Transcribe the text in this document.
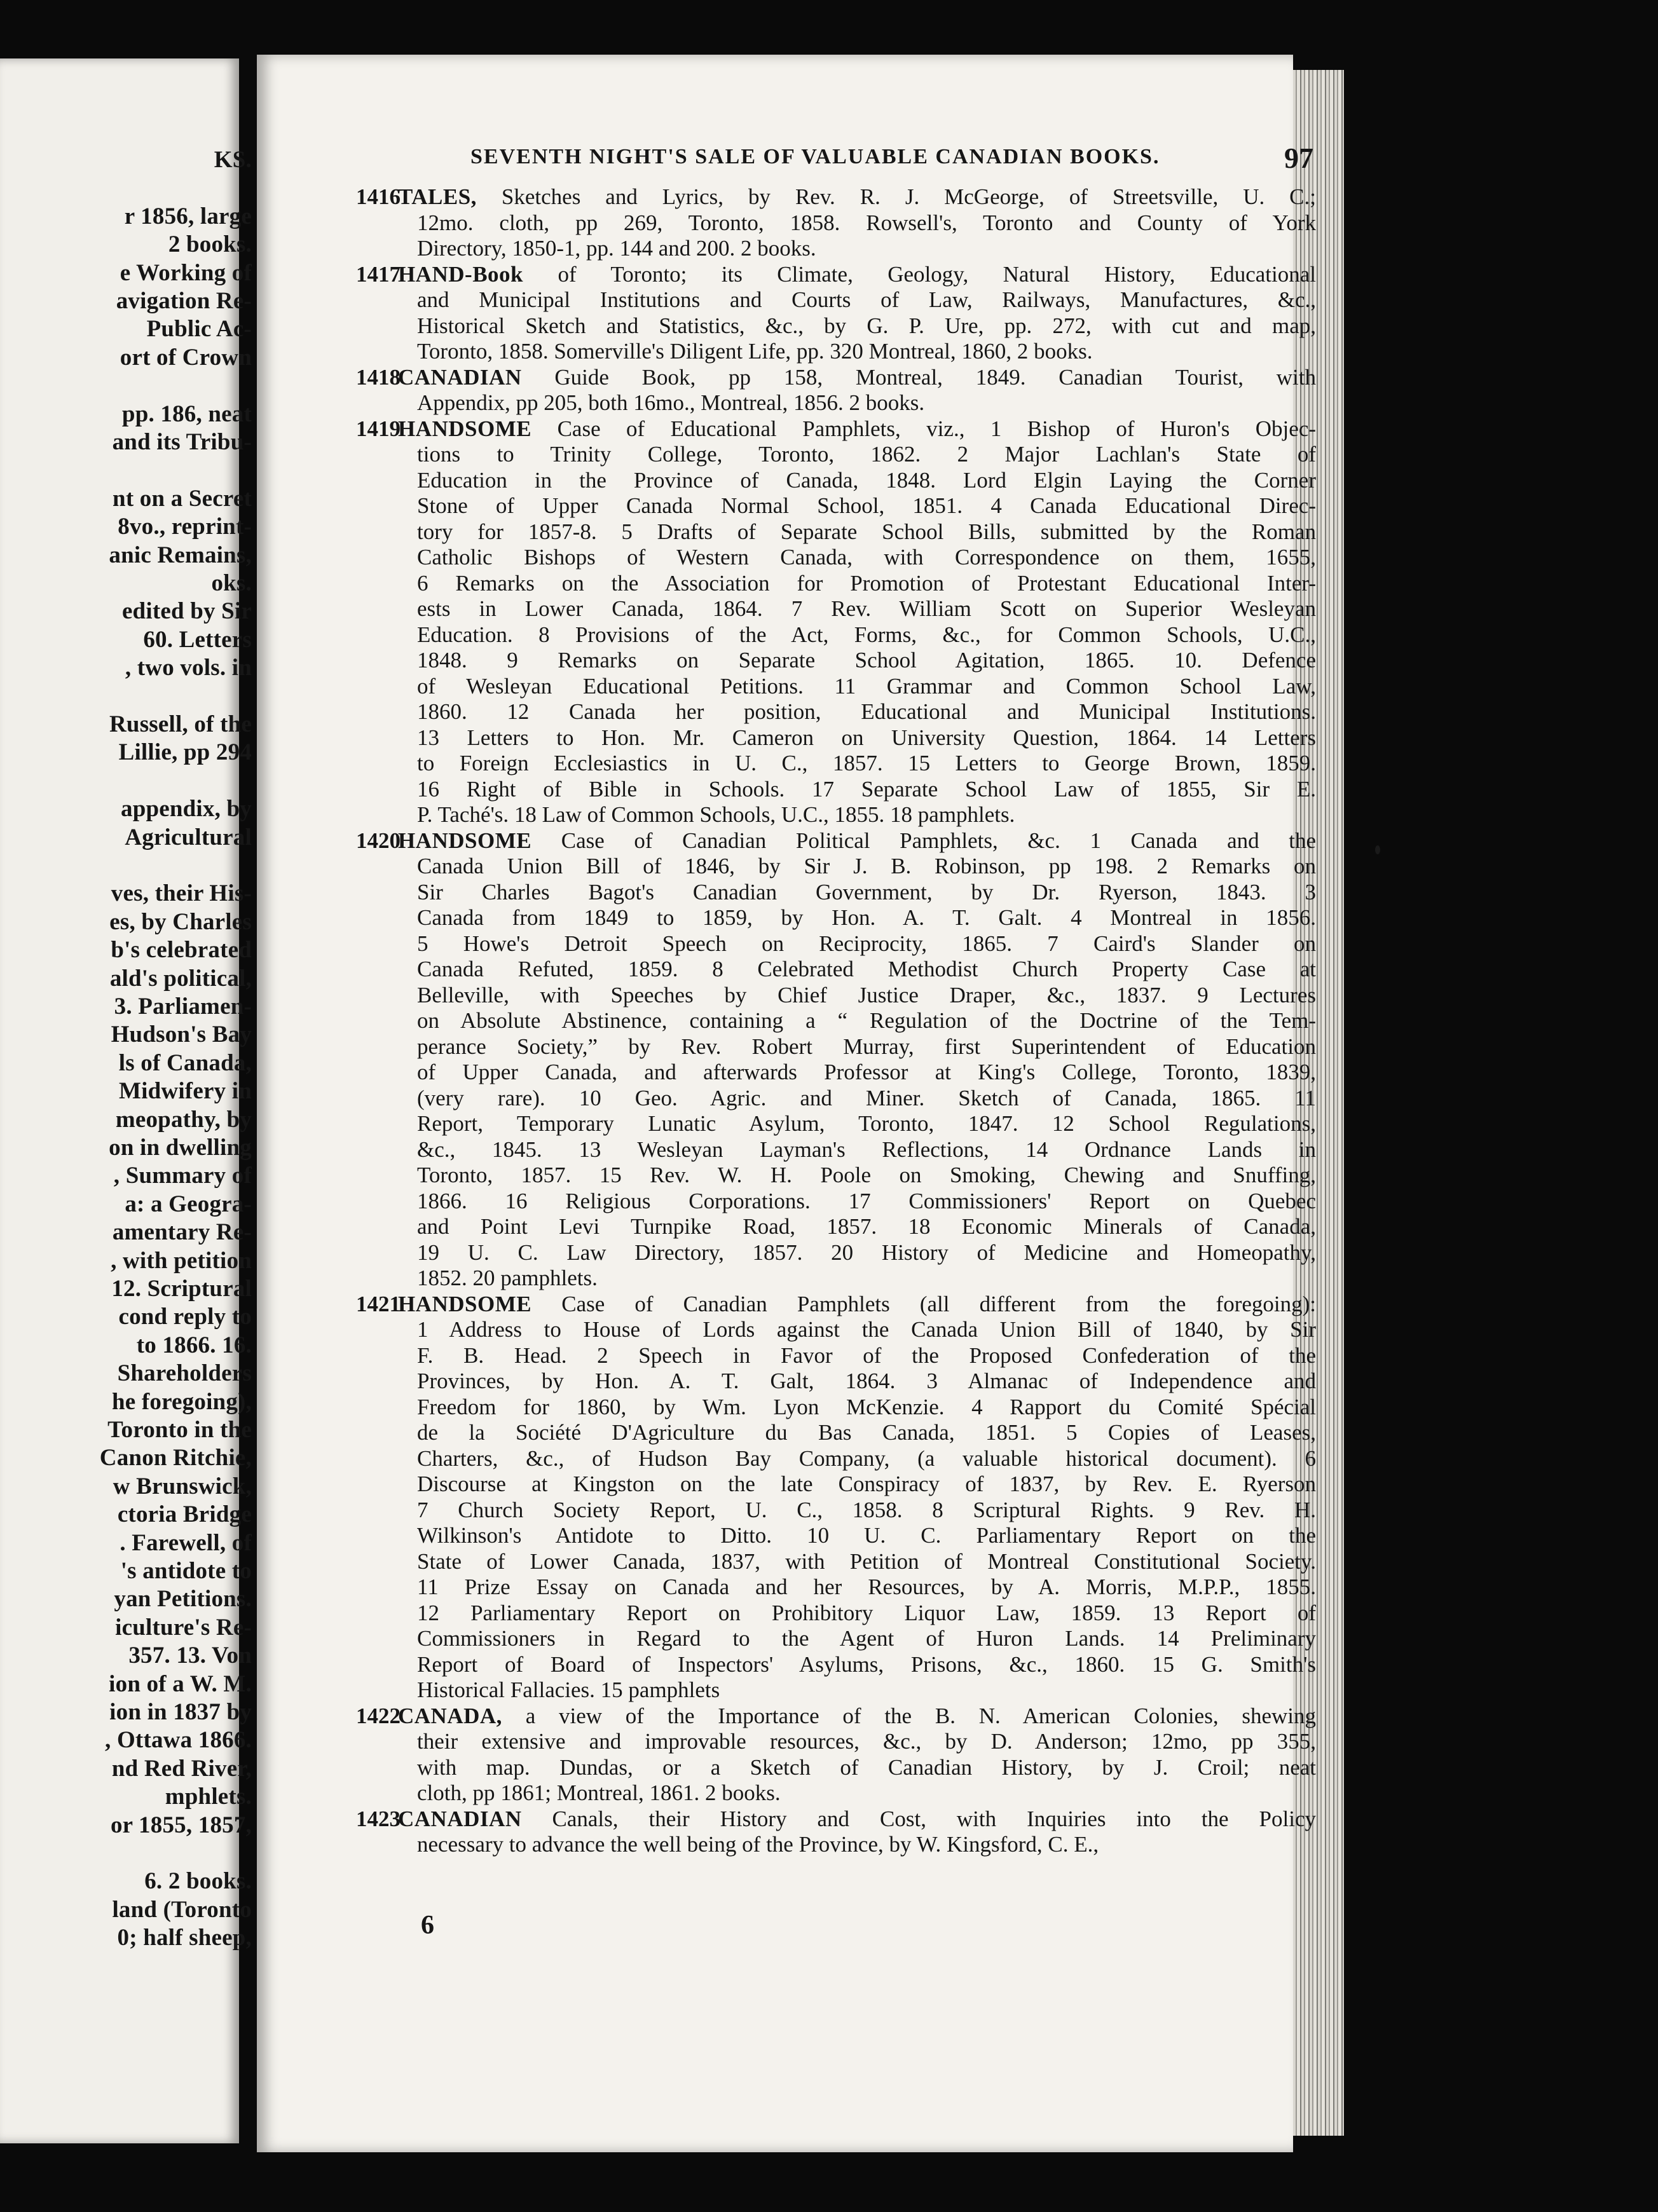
KS.
r 1856, large
2 books.
e Working of
avigation Re-
Public Ac-
ort of Crown
pp. 186, neat
and its Tribu-
nt on a Secret
8vo., reprint-
anic Remains,
oks.
edited by Sir
60. Letters
, two vols. in
Russell, of the
Lillie, pp 294
appendix, by
Agricultural
ves, their His-
es, by Charles
b's celebrated
ald's political,
3. Parliamen-
Hudson's Bay
ls of Canada,
Midwifery in
meopathy, by
on in dwelling
, Summary of
a: a Geogra-
amentary Re-
, with petition
12. Scriptural
cond reply to
to 1866. 16.
Shareholders
he foregoing),
Toronto in the
Canon Ritchie,
w Brunswick,
ctoria Bridge
. Farewell, of
's antidote to
yan Petitions.
iculture's Re-
357. 13. Von
ion of a W. M.
ion in 1837 by
, Ottawa 1866.
nd Red River,
mphlets.
or 1855, 1857,
6. 2 books.
land (Toronto
0; half sheep,
SEVENTH NIGHT'S SALE OF VALUABLE CANADIAN BOOKS.	97
1416TALES, Sketches and Lyrics, by Rev. R. J. McGeorge, of Streetsville, U. C.;
12mo. cloth, pp 269, Toronto, 1858. Rowsell's, Toronto and County of York
Directory, 1850-1, pp. 144 and 200. 2 books.
1417HAND-Book of Toronto; its Climate, Geology, Natural History, Educational
and Municipal Institutions and Courts of Law, Railways, Manufactures, &c.,
Historical Sketch and Statistics, &c., by G. P. Ure, pp. 272, with cut and map,
Toronto, 1858. Somerville's Diligent Life, pp. 320 Montreal, 1860, 2 books.
1418CANADIAN Guide Book, pp 158, Montreal, 1849. Canadian Tourist, with
Appendix, pp 205, both 16mo., Montreal, 1856. 2 books.
1419HANDSOME Case of Educational Pamphlets, viz., 1 Bishop of Huron's Objec-
tions to Trinity College, Toronto, 1862. 2 Major Lachlan's State of
Education in the Province of Canada, 1848. Lord Elgin Laying the Corner
Stone of Upper Canada Normal School, 1851. 4 Canada Educational Direc-
tory for 1857-8. 5 Drafts of Separate School Bills, submitted by the Roman
Catholic Bishops of Western Canada, with Correspondence on them, 1655,
6 Remarks on the Association for Promotion of Protestant Educational Inter-
ests in Lower Canada, 1864. 7 Rev. William Scott on Superior Wesleyan
Education. 8 Provisions of the Act, Forms, &c., for Common Schools, U.C.,
1848. 9 Remarks on Separate School Agitation, 1865. 10. Defence
of Wesleyan Educational Petitions. 11 Grammar and Common School Law,
1860. 12 Canada her position, Educational and Municipal Institutions.
13 Letters to Hon. Mr. Cameron on University Question, 1864. 14 Letters
to Foreign Ecclesiastics in U. C., 1857. 15 Letters to George Brown, 1859.
16 Right of Bible in Schools. 17 Separate School Law of 1855, Sir E.
P. Taché's. 18 Law of Common Schools, U.C., 1855. 18 pamphlets.
1420HANDSOME Case of Canadian Political Pamphlets, &c. 1 Canada and the
Canada Union Bill of 1846, by Sir J. B. Robinson, pp 198. 2 Remarks on
Sir Charles Bagot's Canadian Government, by Dr. Ryerson, 1843. 3
Canada from 1849 to 1859, by Hon. A. T. Galt. 4 Montreal in 1856.
5 Howe's Detroit Speech on Reciprocity, 1865. 7 Caird's Slander on
Canada Refuted, 1859. 8 Celebrated Methodist Church Property Case at
Belleville, with Speeches by Chief Justice Draper, &c., 1837. 9 Lectures
on Absolute Abstinence, containing a “ Regulation of the Doctrine of the Tem-
perance Society,” by Rev. Robert Murray, first Superintendent of Education
of Upper Canada, and afterwards Professor at King's College, Toronto, 1839,
(very rare). 10 Geo. Agric. and Miner. Sketch of Canada, 1865. 11
Report, Temporary Lunatic Asylum, Toronto, 1847. 12 School Regulations,
&c., 1845. 13 Wesleyan Layman's Reflections, 14 Ordnance Lands in
Toronto, 1857. 15 Rev. W. H. Poole on Smoking, Chewing and Snuffing,
1866. 16 Religious Corporations. 17 Commissioners' Report on Quebec
and Point Levi Turnpike Road, 1857. 18 Economic Minerals of Canada,
19 U. C. Law Directory, 1857. 20 History of Medicine and Homeopathy,
1852. 20 pamphlets.
1421HANDSOME Case of Canadian Pamphlets (all different from the foregoing):
1 Address to House of Lords against the Canada Union Bill of 1840, by Sir
F. B. Head. 2 Speech in Favor of the Proposed Confederation of the
Provinces, by Hon. A. T. Galt, 1864. 3 Almanac of Independence and
Freedom for 1860, by Wm. Lyon McKenzie. 4 Rapport du Comité Spécial
de la Société D'Agriculture du Bas Canada, 1851. 5 Copies of Leases,
Charters, &c., of Hudson Bay Company, (a valuable historical document). 6
Discourse at Kingston on the late Conspiracy of 1837, by Rev. E. Ryerson
7 Church Society Report, U. C., 1858. 8 Scriptural Rights. 9 Rev. H.
Wilkinson's Antidote to Ditto. 10 U. C. Parliamentary Report on the
State of Lower Canada, 1837, with Petition of Montreal Constitutional Society.
11 Prize Essay on Canada and her Resources, by A. Morris, M.P.P., 1855.
12 Parliamentary Report on Prohibitory Liquor Law, 1859. 13 Report of
Commissioners in Regard to the Agent of Huron Lands. 14 Preliminary
Report of Board of Inspectors' Asylums, Prisons, &c., 1860. 15 G. Smith's
Historical Fallacies. 15 pamphlets
1422CANADA, a view of the Importance of the B. N. American Colonies, shewing
their extensive and improvable resources, &c., by D. Anderson; 12mo, pp 355,
with map. Dundas, or a Sketch of Canadian History, by J. Croil; neat
cloth, pp 1861; Montreal, 1861. 2 books.
1423CANADIAN Canals, their History and Cost, with Inquiries into the Policy
necessary to advance the well being of the Province, by W. Kingsford, C. E.,
6
